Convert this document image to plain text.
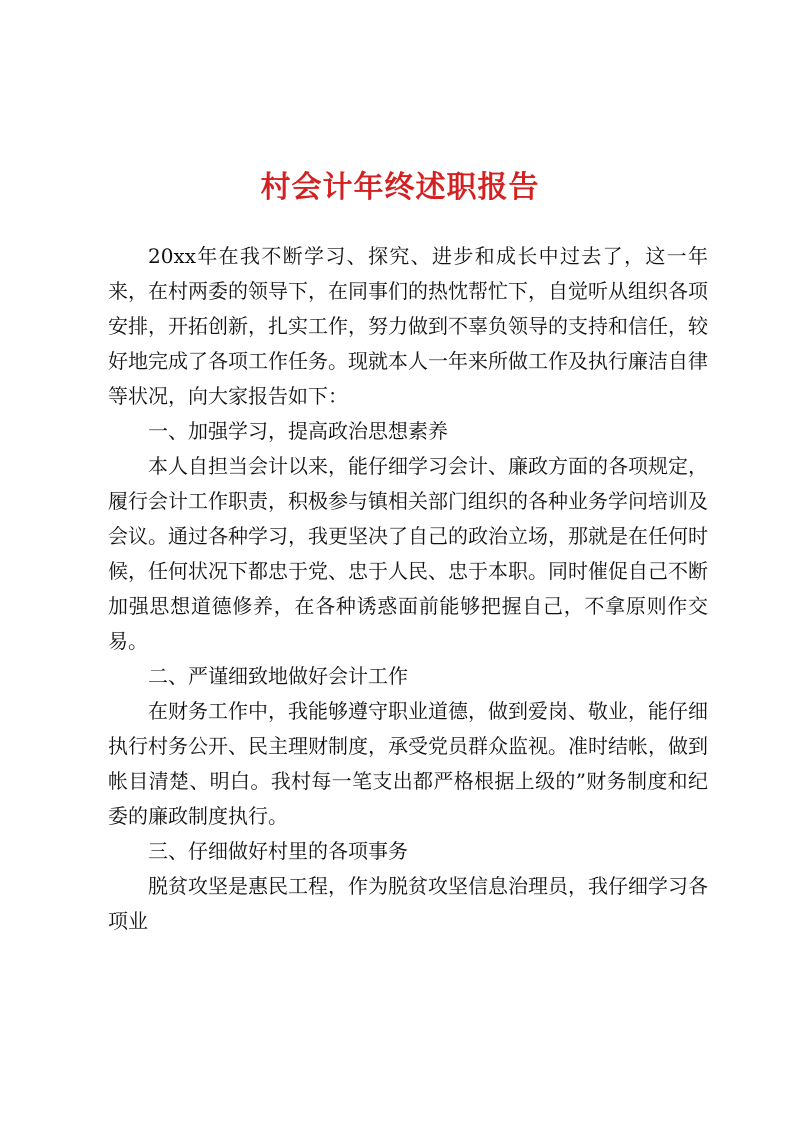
村会计年终述职报告

20xx年在我不断学习、探究、进步和成长中过去了，这一年来，在村两委的领导下，在同事们的热忱帮忙下，自觉听从组织各项安排，开拓创新，扎实工作，努力做到不辜负领导的支持和信任，较好地完成了各项工作任务。现就本人一年来所做工作及执行廉洁自律等状况，向大家报告如下：

一、加强学习，提高政治思想素养

本人自担当会计以来，能仔细学习会计、廉政方面的各项规定，履行会计工作职责，积极参与镇相关部门组织的各种业务学问培训及会议。通过各种学习，我更坚决了自己的政治立场，那就是在任何时候，任何状况下都忠于党、忠于人民、忠于本职。同时催促自己不断加强思想道德修养，在各种诱惑面前能够把握自己，不拿原则作交易。

二、严谨细致地做好会计工作

在财务工作中，我能够遵守职业道德，做到爱岗、敬业，能仔细执行村务公开、民主理财制度，承受党员群众监视。准时结帐，做到帐目清楚、明白。我村每一笔支出都严格根据上级的”财务制度和纪委的廉政制度执行。

三、仔细做好村里的各项事务

脱贫攻坚是惠民工程，作为脱贫攻坚信息治理员，我仔细学习各项业
